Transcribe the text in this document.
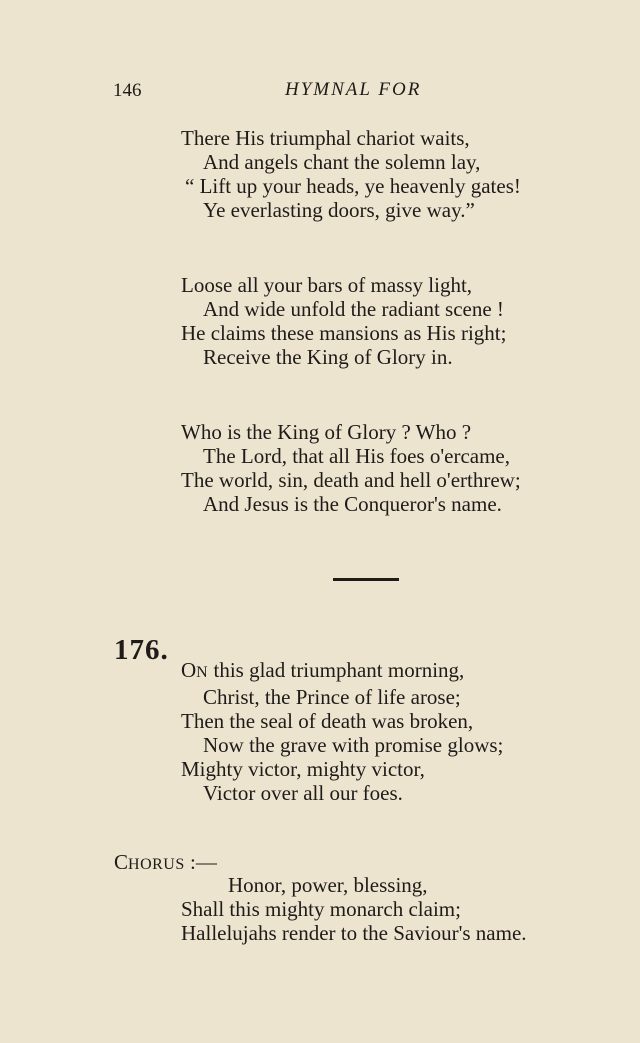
146	HYMNAL FOR
There His triumphal chariot waits,
And angels chant the solemn lay,
“ Lift up your heads, ye heavenly gates!
Ye everlasting doors, give way.”
Loose all your bars of massy light,
And wide unfold the radiant scene !
He claims these mansions as His right;
Receive the King of Glory in.
Who is the King of Glory ? Who ?
The Lord, that all His foes o'ercame,
The world, sin, death and hell o'erthrew;
And Jesus is the Conqueror's name.
176.
ON this glad triumphant morning,
Christ, the Prince of life arose;
Then the seal of death was broken,
Now the grave with promise glows;
Mighty victor, mighty victor,
Victor over all our foes.
CHORUS :—
Honor, power, blessing,
Shall this mighty monarch claim;
Hallelujahs render to the Saviour's name.
